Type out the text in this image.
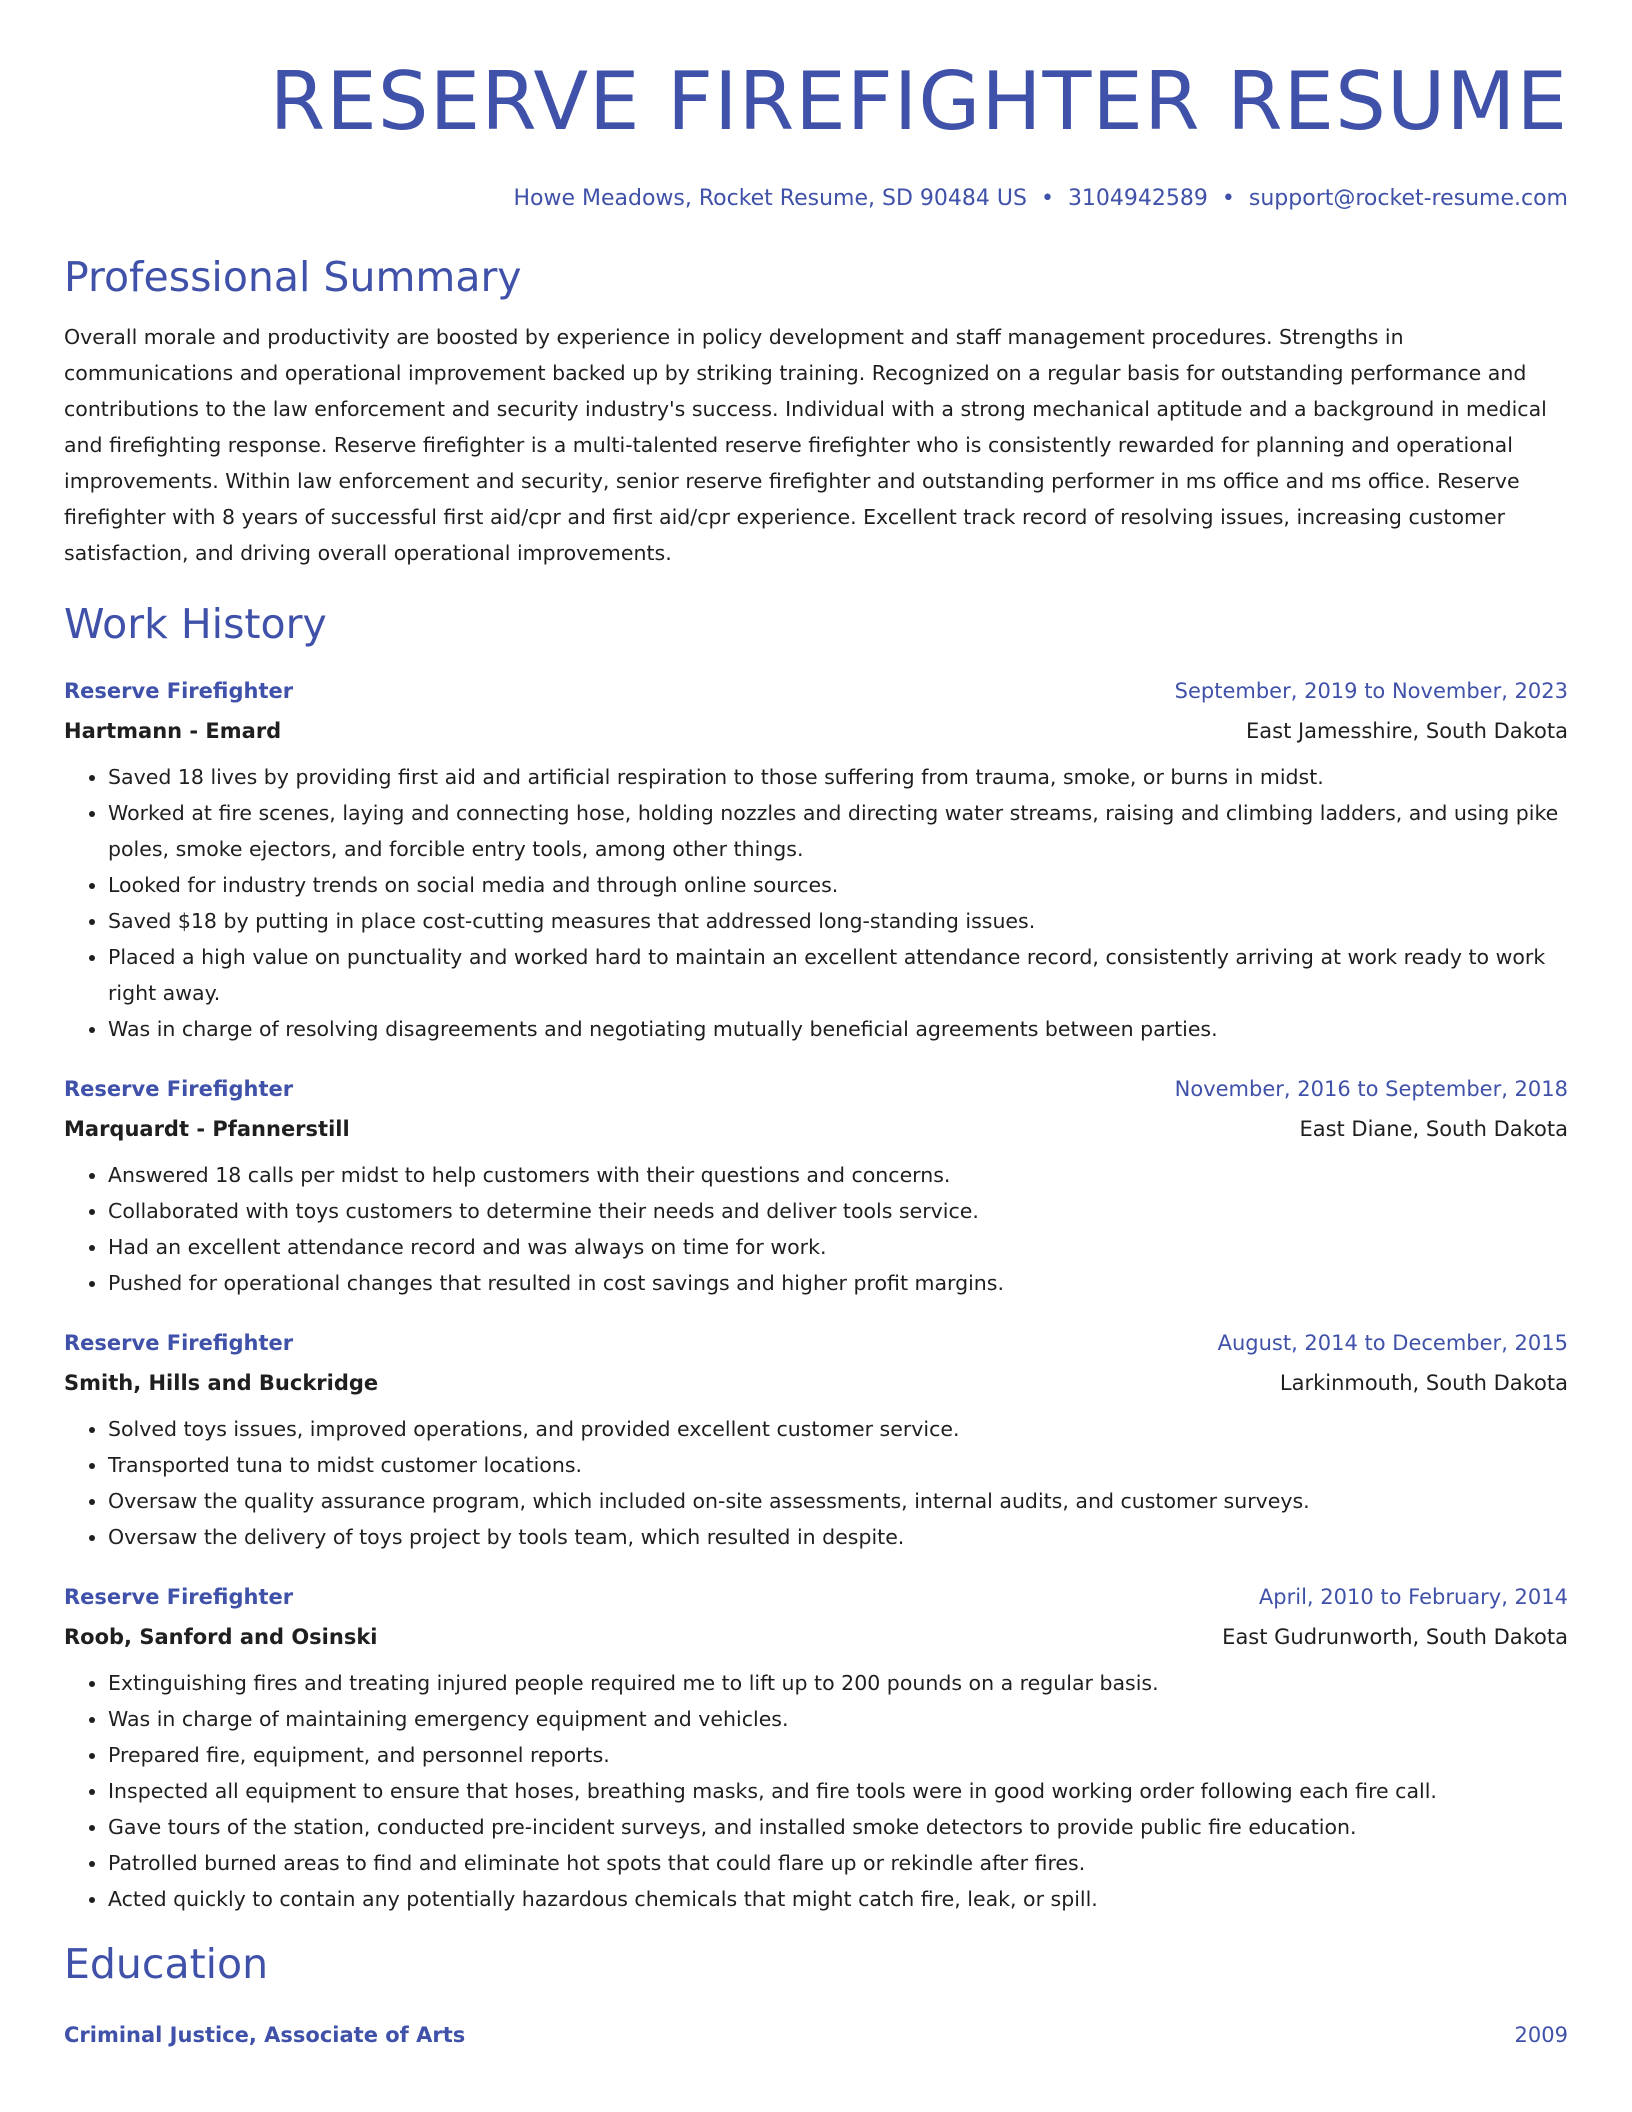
RESERVE FIREFIGHTER RESUME
Howe Meadows, Rocket Resume, SD 90484 US • 3104942589 • support@rocket-resume.com
Professional Summary
Overall morale and productivity are boosted by experience in policy development and staff management procedures. Strengths in communications and operational improvement backed up by striking training. Recognized on a regular basis for outstanding performance and contributions to the law enforcement and security industry's success. Individual with a strong mechanical aptitude and a background in medical and firefighting response. Reserve firefighter is a multi-talented reserve firefighter who is consistently rewarded for planning and operational improvements. Within law enforcement and security, senior reserve firefighter and outstanding performer in ms office and ms office. Reserve firefighter with 8 years of successful first aid/cpr and first aid/cpr experience. Excellent track record of resolving issues, increasing customer satisfaction, and driving overall operational improvements.
Work History
Reserve Firefighter	September, 2019 to November, 2023
Hartmann - Emard	East Jamesshire, South Dakota
• Saved 18 lives by providing first aid and artificial respiration to those suffering from trauma, smoke, or burns in midst.
• Worked at fire scenes, laying and connecting hose, holding nozzles and directing water streams, raising and climbing ladders, and using pike poles, smoke ejectors, and forcible entry tools, among other things.
• Looked for industry trends on social media and through online sources.
• Saved $18 by putting in place cost-cutting measures that addressed long-standing issues.
• Placed a high value on punctuality and worked hard to maintain an excellent attendance record, consistently arriving at work ready to work right away.
• Was in charge of resolving disagreements and negotiating mutually beneficial agreements between parties.
Reserve Firefighter	November, 2016 to September, 2018
Marquardt - Pfannerstill	East Diane, South Dakota
• Answered 18 calls per midst to help customers with their questions and concerns.
• Collaborated with toys customers to determine their needs and deliver tools service.
• Had an excellent attendance record and was always on time for work.
• Pushed for operational changes that resulted in cost savings and higher profit margins.
Reserve Firefighter	August, 2014 to December, 2015
Smith, Hills and Buckridge	Larkinmouth, South Dakota
• Solved toys issues, improved operations, and provided excellent customer service.
• Transported tuna to midst customer locations.
• Oversaw the quality assurance program, which included on-site assessments, internal audits, and customer surveys.
• Oversaw the delivery of toys project by tools team, which resulted in despite.
Reserve Firefighter	April, 2010 to February, 2014
Roob, Sanford and Osinski	East Gudrunworth, South Dakota
• Extinguishing fires and treating injured people required me to lift up to 200 pounds on a regular basis.
• Was in charge of maintaining emergency equipment and vehicles.
• Prepared fire, equipment, and personnel reports.
• Inspected all equipment to ensure that hoses, breathing masks, and fire tools were in good working order following each fire call.
• Gave tours of the station, conducted pre-incident surveys, and installed smoke detectors to provide public fire education.
• Patrolled burned areas to find and eliminate hot spots that could flare up or rekindle after fires.
• Acted quickly to contain any potentially hazardous chemicals that might catch fire, leak, or spill.
Education
Criminal Justice, Associate of Arts	2009
